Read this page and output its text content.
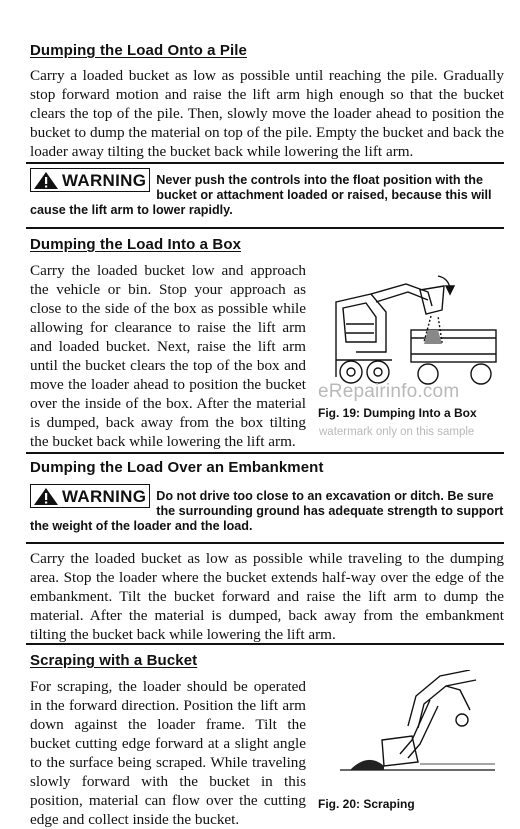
Dumping the Load Onto a Pile

Carry a loaded bucket as low as possible until reaching the pile. Gradually stop forward motion and raise the lift arm high enough so that the bucket clears the top of the pile. Then, slowly move the loader ahead to position the bucket to dump the material on top of the pile. Empty the bucket and back the loader away tilting the bucket back while lowering the lift arm.

WARNING Never push the controls into the float position with the bucket or attachment loaded or raised, because this will cause the lift arm to lower rapidly.
Dumping the Load Into a Box

Carry the loaded bucket low and approach the vehicle or bin. Stop your approach as close to the side of the box as possible while allowing for clearance to raise the lift arm and loaded bucket. Next, raise the lift arm until the bucket clears the top of the box and move the loader ahead to position the bucket over the inside of the box. After the material is dumped, back away from the box tilting the bucket back while lowering the lift arm.

eRepairinfo.com
Fig. 19: Dumping Into a Box
watermark only on this sample
Dumping the Load Over an Embankment
WARNING Do not drive too close to an excavation or ditch. Be sure the surrounding ground has adequate strength to support the weight of the loader and the load.

Carry the loaded bucket as low as possible while traveling to the dumping area. Stop the loader where the bucket extends half-way over the edge of the embankment. Tilt the bucket forward and raise the lift arm to dump the material. After the material is dumped, back away from the embankment tilting the bucket back while lowering the lift arm.

Scraping with a Bucket

For scraping, the loader should be operated in the forward direction. Position the lift arm down against the loader frame. Tilt the bucket cutting edge forward at a slight angle to the surface being scraped. While traveling slowly forward with the bucket in this position, material can flow over the cutting edge and collect inside the bucket.

Fig. 20: Scraping
